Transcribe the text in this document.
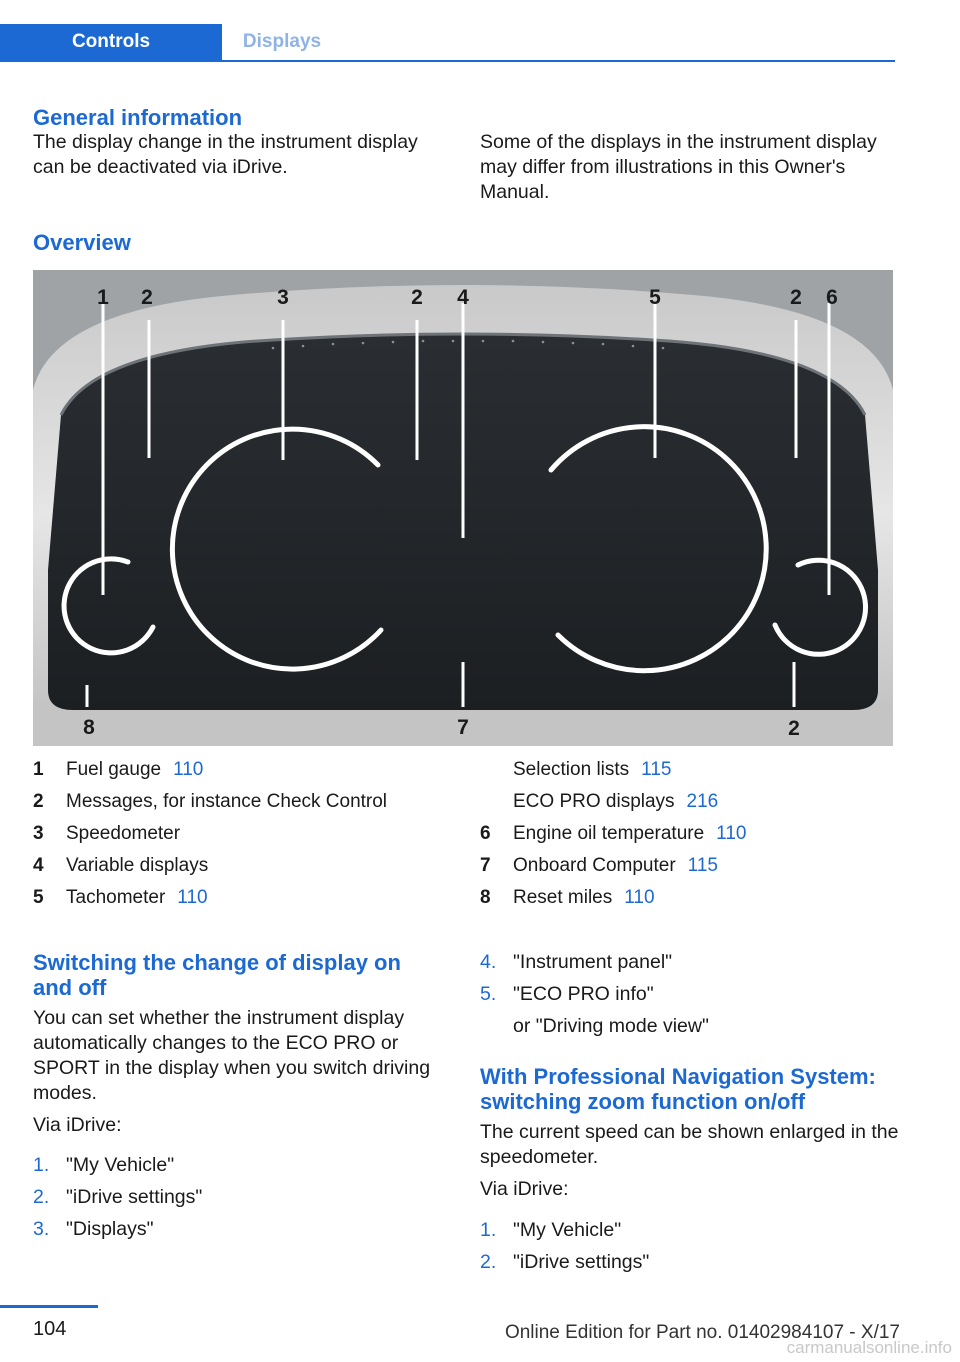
Controls	Displays
General information

The display change in the instrument display can be deactivated via iDrive.

Some of the displays in the instrument display may differ from illustrations in this Owner's Manual.

Overview
1 2	3	2 4	5	2 6
8	7	2
1 Fuel gauge 110
2 Messages, for instance Check Control
3 Speedometer
4 Variable displays
5 Tachometer 110
Selection lists 115
ECO PRO displays 216
6 Engine oil temperature 110
7 Onboard Computer 115
8 Reset miles 110
Switching the change of display on and off

You can set whether the instrument display automatically changes to the ECO PRO or SPORT in the display when you switch driving modes.

Via iDrive:

1. "My Vehicle"
2. "iDrive settings"
3. "Displays"
4. "Instrument panel"
5. "ECO PRO info"
or "Driving mode view"
With Professional Navigation System: switching zoom function on/off

The current speed can be shown enlarged in the speedometer.

Via iDrive:

1. "My Vehicle"
2. "iDrive settings"
104	Online Edition for Part no. 01402984107 - X/17
carmanualsonline.info
